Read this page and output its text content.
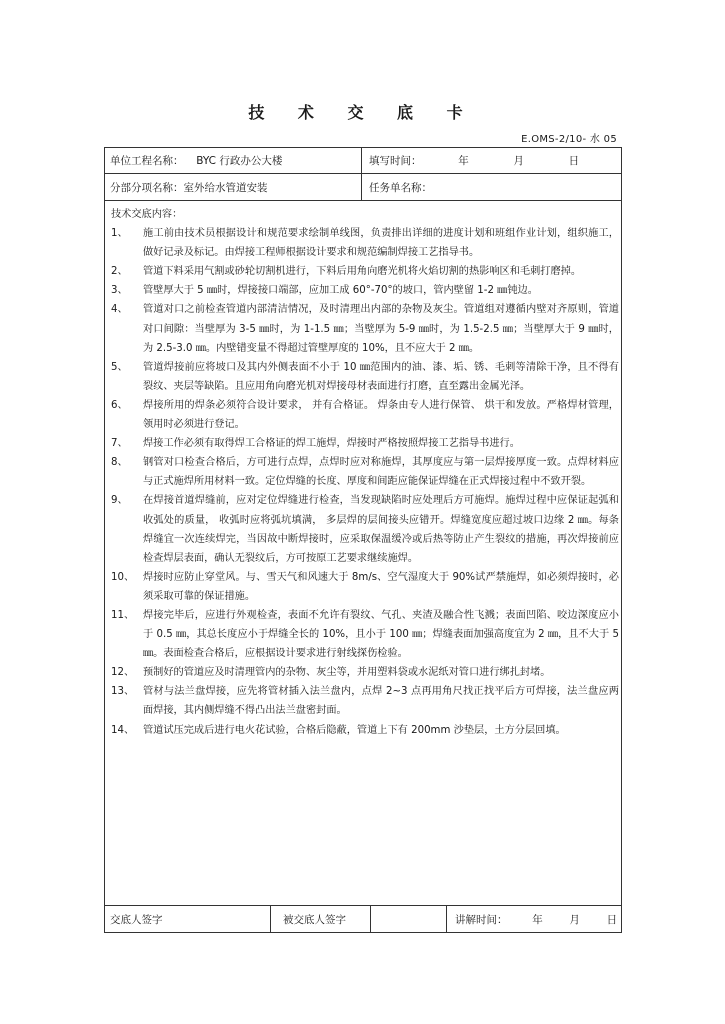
技 术 交 底 卡
E.OMS-2/10- 水 05
单位工程名称： BYC 行政办公大楼	填写时间：	年	月	日
分部分项名称：室外给水管道安装	任务单名称：
技术交底内容：
1、	施工前由技术员根据设计和规范要求绘制单线图，负责排出详细的进度计划和班组作业计划，组织施工，做好记录及标记。由焊接工程师根据设计要求和规范编制焊接工艺指导书。
2、	管道下料采用气割或砂轮切割机进行，下料后用角向磨光机将火焰切割的热影响区和毛刺打磨掉。
3、	管壁厚大于 5 ㎜时，焊接接口端部，应加工成 60°-70°的坡口，管内壁留 1-2 ㎜钝边。
4、	管道对口之前检查管道内部清洁情况，及时清理出内部的杂物及灰尘。管道组对遵循内壁对齐原则，管道对口间隙：当壁厚为 3-5 ㎜时，为 1-1.5 ㎜；当壁厚为 5-9 ㎜时，为 1.5-2.5 ㎜；当壁厚大于 9 ㎜时，为 2.5-3.0 ㎜。内壁错变量不得超过管壁厚度的 10%，且不应大于 2 ㎜。
5、	管道焊接前应将坡口及其内外侧表面不小于 10 ㎜范围内的油、漆、垢、锈、毛刺等清除干净，且不得有裂纹、夹层等缺陷。且应用角向磨光机对焊接母材表面进行打磨，直至露出金属光泽。
6、	焊接所用的焊条必须符合设计要求， 并有合格证。 焊条由专人进行保管、 烘干和发放。严格焊材管理，领用时必须进行登记。
7、	焊接工作必须有取得焊工合格证的焊工施焊，焊接时严格按照焊接工艺指导书进行。
8、	钢管对口检查合格后，方可进行点焊，点焊时应对称施焊，其厚度应与第一层焊接厚度一致。点焊材料应与正式施焊所用材料一致。定位焊缝的长度、厚度和间距应能保证焊缝在正式焊接过程中不致开裂。
9、	在焊接首道焊缝前，应对定位焊缝进行检查，当发现缺陷时应处理后方可施焊。施焊过程中应保证起弧和收弧处的质量， 收弧时应将弧坑填满， 多层焊的层间接头应错开。焊缝宽度应超过坡口边缘 2 ㎜。每条焊缝宜一次连续焊完，当因故中断焊接时，应采取保温缓冷或后热等防止产生裂纹的措施，再次焊接前应检查焊层表面，确认无裂纹后，方可按原工艺要求继续施焊。
10、 焊接时应防止穿堂风。与、雪天气和风速大于 8m/s、空气湿度大于 90%试严禁施焊，如必须焊接时，必须采取可靠的保证措施。
11、 焊接完毕后，应进行外观检查，表面不允许有裂纹、气孔、夹渣及融合性飞溅；表面凹陷、咬边深度应小于 0.5 ㎜，其总长度应小于焊缝全长的 10%，且小于 100 ㎜；焊缝表面加强高度宜为 2 ㎜，且不大于 5 ㎜。表面检查合格后，应根据设计要求进行射线探伤检验。
12、 预制好的管道应及时清理管内的杂物、灰尘等，并用塑料袋或水泥纸对管口进行绑扎封堵。
13、 管材与法兰盘焊接，应先将管材插入法兰盘内，点焊 2~3 点再用角尺找正找平后方可焊接，法兰盘应两面焊接，其内侧焊缝不得凸出法兰盘密封面。
14、 管道试压完成后进行电火花试验，合格后隐蔽，管道上下有 200mm 沙垫层，土方分层回填。
交底人签字	被交底人签字	讲解时间： 年	月	日
